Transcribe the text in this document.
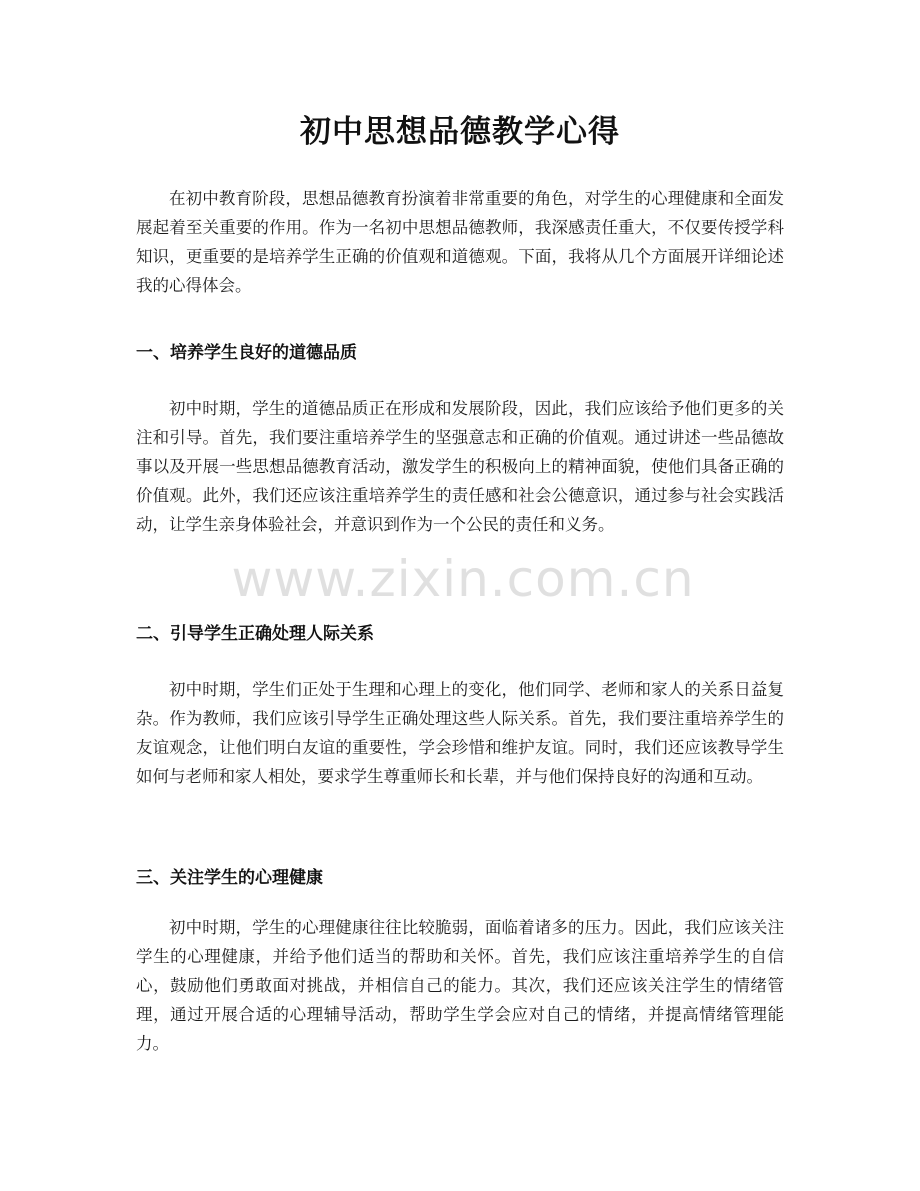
初中思想品德教学心得

在初中教育阶段，思想品德教育扮演着非常重要的角色，对学生的心理健康和全面发展起着至关重要的作用。作为一名初中思想品德教师，我深感责任重大，不仅要传授学科知识，更重要的是培养学生正确的价值观和道德观。下面，我将从几个方面展开详细论述我的心得体会。

一、培养学生良好的道德品质

初中时期，学生的道德品质正在形成和发展阶段，因此，我们应该给予他们更多的关注和引导。首先，我们要注重培养学生的坚强意志和正确的价值观。通过讲述一些品德故事以及开展一些思想品德教育活动，激发学生的积极向上的精神面貌，使他们具备正确的价值观。此外，我们还应该注重培养学生的责任感和社会公德意识，通过参与社会实践活动，让学生亲身体验社会，并意识到作为一个公民的责任和义务。

二、引导学生正确处理人际关系

初中时期，学生们正处于生理和心理上的变化，他们同学、老师和家人的关系日益复杂。作为教师，我们应该引导学生正确处理这些人际关系。首先，我们要注重培养学生的友谊观念，让他们明白友谊的重要性，学会珍惜和维护友谊。同时，我们还应该教导学生如何与老师和家人相处，要求学生尊重师长和长辈，并与他们保持良好的沟通和互动。

三、关注学生的心理健康

初中时期，学生的心理健康往往比较脆弱，面临着诸多的压力。因此，我们应该关注学生的心理健康，并给予他们适当的帮助和关怀。首先，我们应该注重培养学生的自信心，鼓励他们勇敢面对挑战，并相信自己的能力。其次，我们还应该关注学生的情绪管理，通过开展合适的心理辅导活动，帮助学生学会应对自己的情绪，并提高情绪管理能力。

www.zixin.com.cn
